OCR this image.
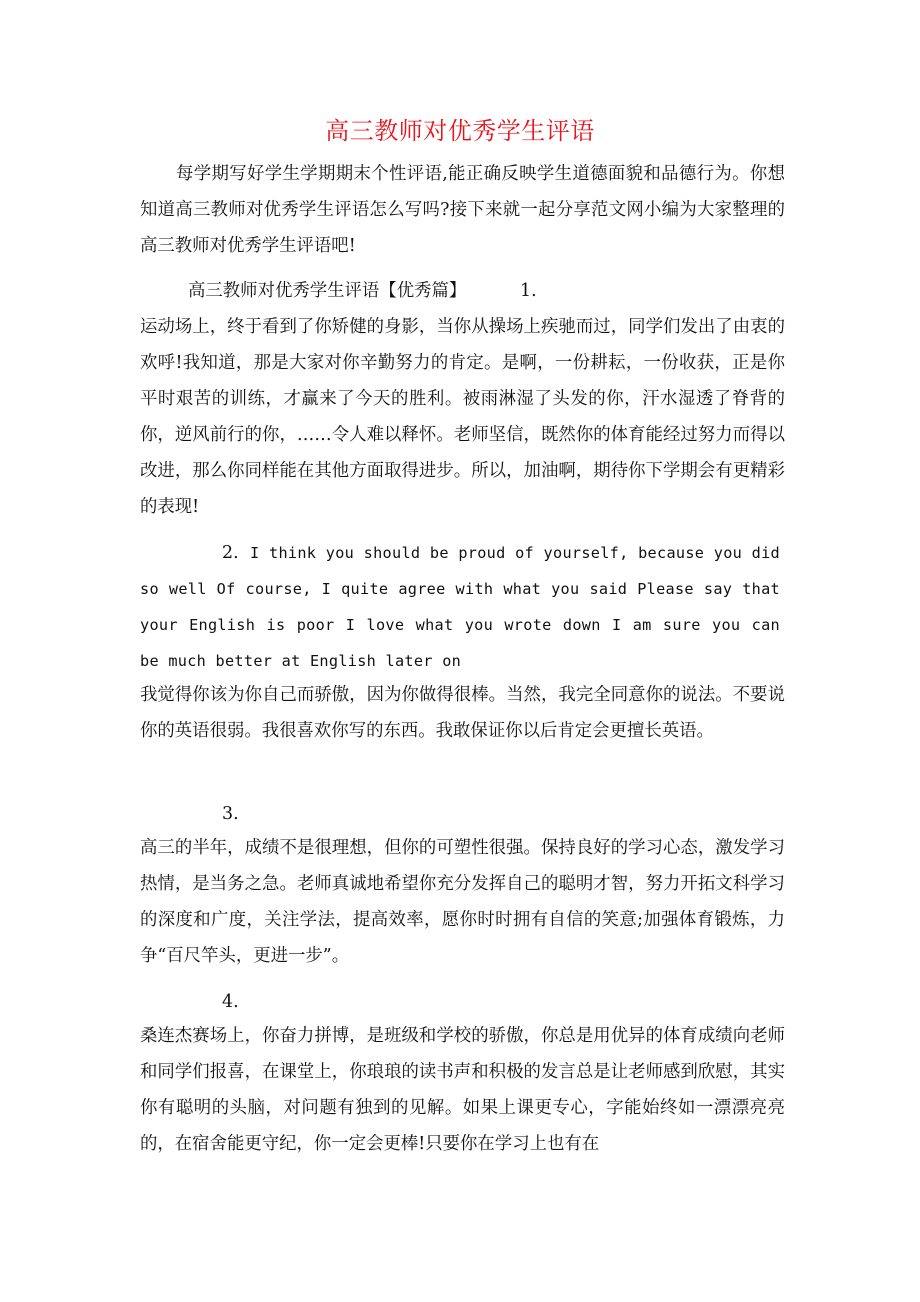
高三教师对优秀学生评语

每学期写好学生学期期末个性评语,能正确反映学生道德面貌和品德行为。你想知道高三教师对优秀学生评语怎么写吗?接下来就一起分享范文网小编为大家整理的高三教师对优秀学生评语吧!

高三教师对优秀学生评语【优秀篇】	1.

运动场上，终于看到了你矫健的身影，当你从操场上疾驰而过，同学们发出了由衷的欢呼!我知道，那是大家对你辛勤努力的肯定。是啊，一份耕耘，一份收获，正是你平时艰苦的训练，才赢来了今天的胜利。被雨淋湿了头发的你，汗水湿透了脊背的你，逆风前行的你，……令人难以释怀。老师坚信，既然你的体育能经过努力而得以改进，那么你同样能在其他方面取得进步。所以，加油啊，期待你下学期会有更精彩的表现!

2. I think you should be proud of yourself, because you did so well Of course, I quite agree with what you said Please say that your English is poor I love what you wrote down I am sure you can be much better at English later on

我觉得你该为你自己而骄傲，因为你做得很棒。当然，我完全同意你的说法。不要说你的英语很弱。我很喜欢你写的东西。我敢保证你以后肯定会更擅长英语。

3.

高三的半年，成绩不是很理想，但你的可塑性很强。保持良好的学习心态，激发学习热情，是当务之急。老师真诚地希望你充分发挥自己的聪明才智，努力开拓文科学习的深度和广度，关注学法，提高效率，愿你时时拥有自信的笑意;加强体育锻炼，力争“百尺竿头，更进一步”。

4.

桑连杰赛场上，你奋力拼博，是班级和学校的骄傲，你总是用优异的体育成绩向老师和同学们报喜，在课堂上，你琅琅的读书声和积极的发言总是让老师感到欣慰，其实你有聪明的头脑，对问题有独到的见解。如果上课更专心，字能始终如一漂漂亮亮的，在宿舍能更守纪，你一定会更棒!只要你在学习上也有在
